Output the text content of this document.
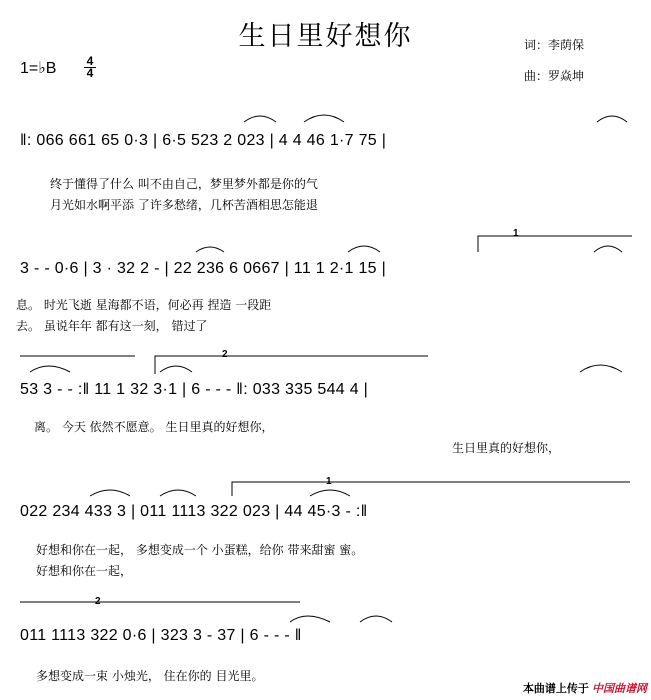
生日里好想你	词：李荫保
曲：罗焱坤
1=♭B	4
4
‖: 066 661 65 0·3 | 6·5 523 2 023 | 4 4 46 1·7 75 |
终于懂得了什么 叫不由自己，梦里梦外都是你的气
月光如水啊平添 了许多愁绪，几杯苦酒相思怎能退
1
3 - - 0·6 | 3 · 32 2 - | 22 236 6 0667 | 11 1 2·1 15 |
息。 时光飞逝 星海都不语，何必再 捏造 一段距
去。 虽说年年 都有这一刻， 错过了
2
53 3 - - :‖ 11 1 32 3·1 | 6 - - - ‖: 033 335 544 4 |
离。 今天 依然不愿意。 生日里真的好想你，
生日里真的好想你，
1
022 234 433 3 | 011 1113 322 023 | 44 45·3 - :‖
好想和你在一起， 多想变成一个 小蛋糕，给你 带来甜蜜 蜜。
好想和你在一起，
2
011 1113 322 0·6 | 323 3 - 37 | 6 - - - ‖
多想变成一束 小烛光， 住在你的 目光里。
本曲谱上传于 中国曲谱网
